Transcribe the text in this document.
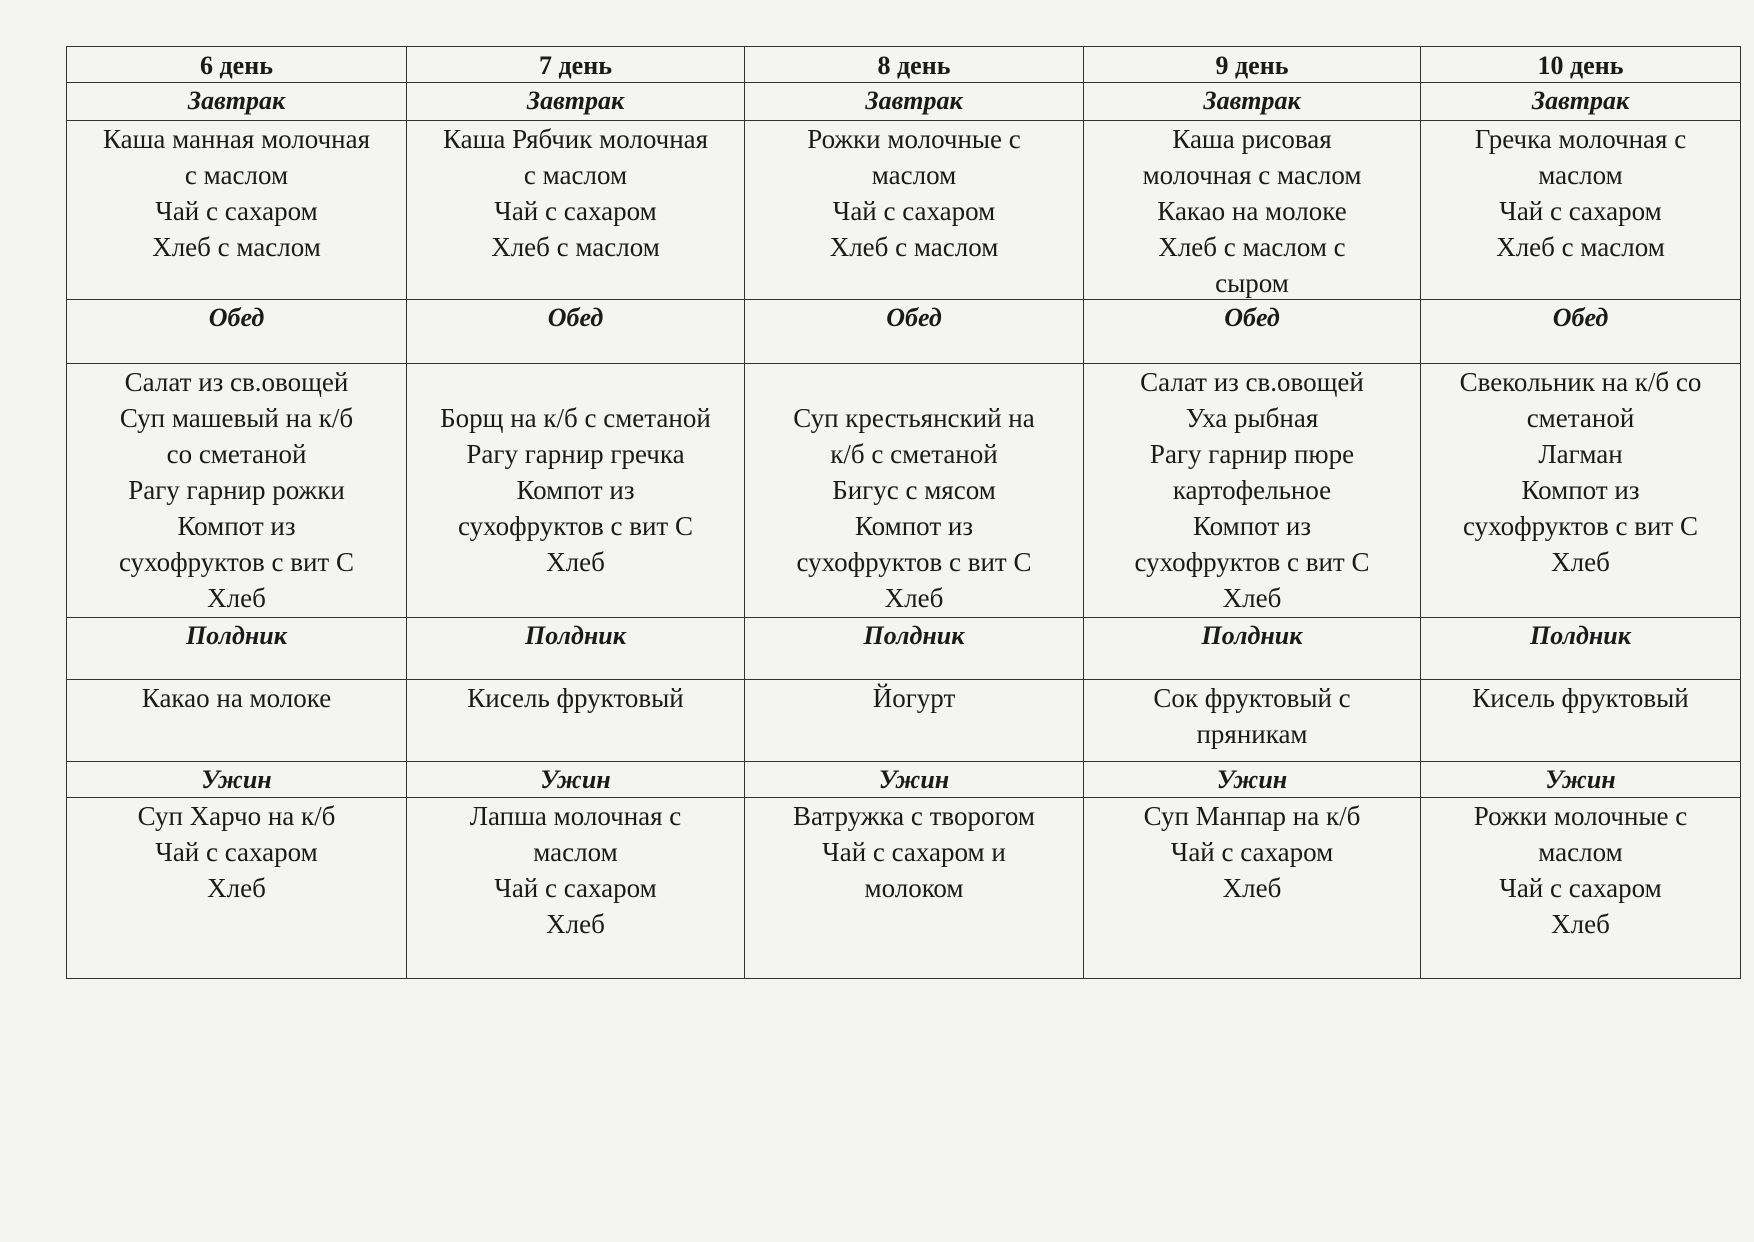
6 день
Завтрак
Каша манная молочная
с маслом
Чай с сахаром
Хлеб с маслом
Обед
Салат из св.овощей
Суп машевый на к/б
со сметаной
Рагу гарнир рожки
Компот из
сухофруктов с вит С
Хлеб
Полдник
Какао на молоке
Ужин
Суп Харчо на к/б
Чай с сахаром
Хлеб
7 день
Завтрак
Каша Рябчик молочная
с маслом
Чай с сахаром
Хлеб с маслом
Обед
Борщ на к/б с сметаной
Рагу гарнир гречка
Компот из
сухофруктов с вит С
Хлеб
Полдник
Кисель фруктовый
Ужин
Лапша молочная с
маслом
Чай с сахаром
Хлеб
8 день
Завтрак
Рожки молочные с
маслом
Чай с сахаром
Хлеб с маслом
Обед
Суп крестьянский на
к/б с сметаной
Бигус с мясом
Компот из
сухофруктов с вит С
Хлеб
Полдник
Йогурт
Ужин
Ватружка с творогом
Чай с сахаром и
молоком
9 день
Завтрак
Каша рисовая
молочная с маслом
Какао на молоке
Хлеб с маслом с
сыром
Обед
Салат из св.овощей
Уха рыбная
Рагу гарнир пюре
картофельное
Компот из
сухофруктов с вит С
Хлеб
Полдник
Сок фруктовый с
пряникам
Ужин
Суп Манпар на к/б
Чай с сахаром
Хлеб
10 день
Завтрак
Гречка молочная с
маслом
Чай с сахаром
Хлеб с маслом
Обед
Свекольник на к/б со
сметаной
Лагман
Компот из
сухофруктов с вит С
Хлеб
Полдник
Кисель фруктовый
Ужин
Рожки молочные с
маслом
Чай с сахаром
Хлеб
